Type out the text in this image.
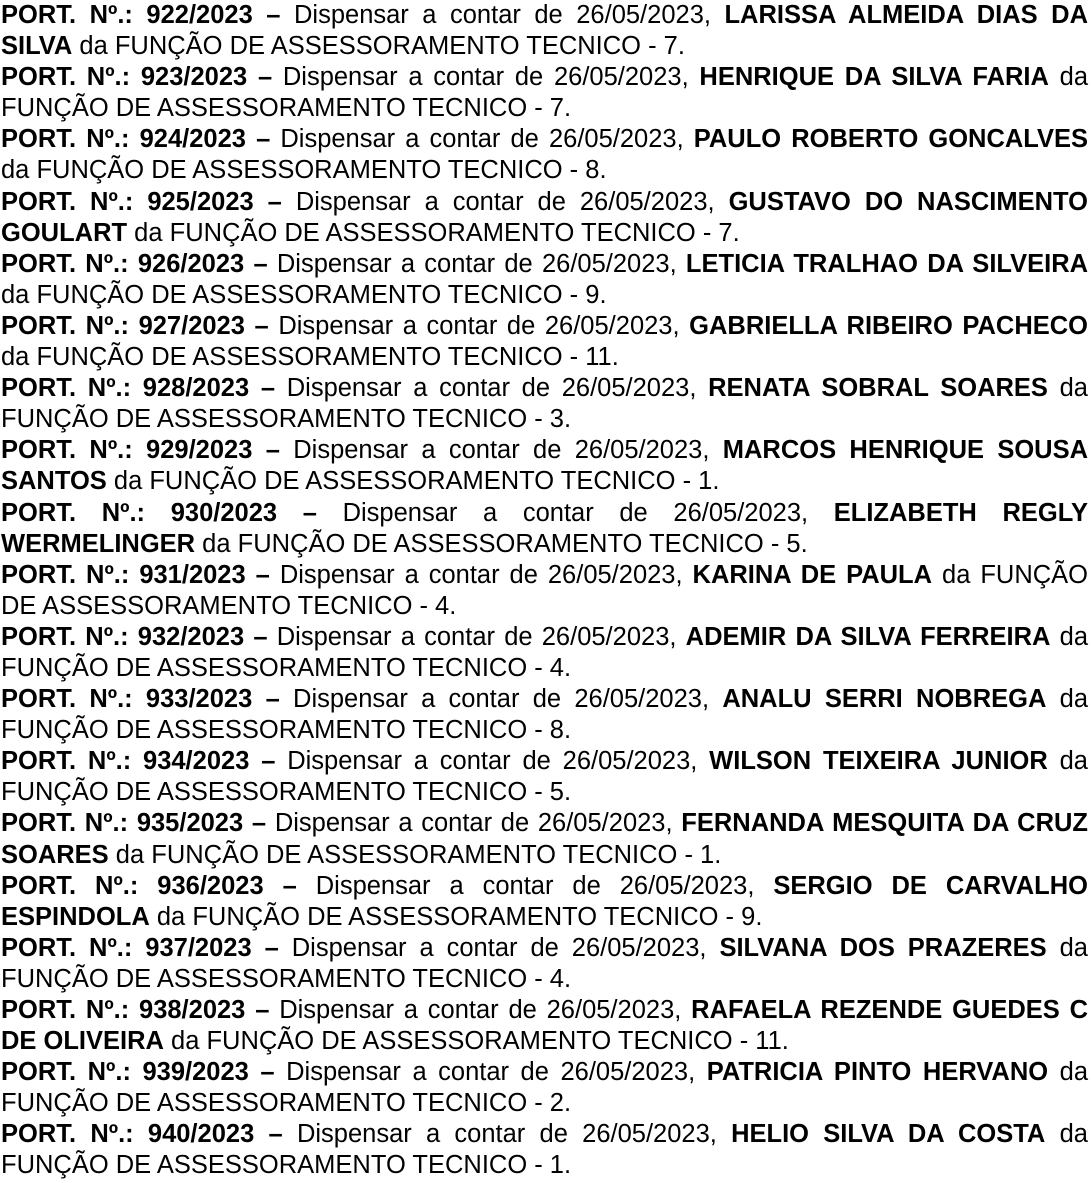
PORT. Nº.: 922/2023 – Dispensar a contar de 26/05/2023, LARISSA ALMEIDA DIAS DA SILVA da FUNÇÃO DE ASSESSORAMENTO TECNICO - 7.

PORT. Nº.: 923/2023 – Dispensar a contar de 26/05/2023, HENRIQUE DA SILVA FARIA da FUNÇÃO DE ASSESSORAMENTO TECNICO - 7.

PORT. Nº.: 924/2023 – Dispensar a contar de 26/05/2023, PAULO ROBERTO GONCALVES da FUNÇÃO DE ASSESSORAMENTO TECNICO - 8.

PORT. Nº.: 925/2023 – Dispensar a contar de 26/05/2023, GUSTAVO DO NASCIMENTO GOULART da FUNÇÃO DE ASSESSORAMENTO TECNICO - 7.

PORT. Nº.: 926/2023 – Dispensar a contar de 26/05/2023, LETICIA TRALHAO DA SILVEIRA da FUNÇÃO DE ASSESSORAMENTO TECNICO - 9.

PORT. Nº.: 927/2023 – Dispensar a contar de 26/05/2023, GABRIELLA RIBEIRO PACHECO da FUNÇÃO DE ASSESSORAMENTO TECNICO - 11.

PORT. Nº.: 928/2023 – Dispensar a contar de 26/05/2023, RENATA SOBRAL SOARES da FUNÇÃO DE ASSESSORAMENTO TECNICO - 3.

PORT. Nº.: 929/2023 – Dispensar a contar de 26/05/2023, MARCOS HENRIQUE SOUSA SANTOS da FUNÇÃO DE ASSESSORAMENTO TECNICO - 1.

PORT. Nº.: 930/2023 – Dispensar a contar de 26/05/2023, ELIZABETH REGLY WERMELINGER da FUNÇÃO DE ASSESSORAMENTO TECNICO - 5.

PORT. Nº.: 931/2023 – Dispensar a contar de 26/05/2023, KARINA DE PAULA da FUNÇÃO DE ASSESSORAMENTO TECNICO - 4.

PORT. Nº.: 932/2023 – Dispensar a contar de 26/05/2023, ADEMIR DA SILVA FERREIRA da FUNÇÃO DE ASSESSORAMENTO TECNICO - 4.

PORT. Nº.: 933/2023 – Dispensar a contar de 26/05/2023, ANALU SERRI NOBREGA da FUNÇÃO DE ASSESSORAMENTO TECNICO - 8.

PORT. Nº.: 934/2023 – Dispensar a contar de 26/05/2023, WILSON TEIXEIRA JUNIOR da FUNÇÃO DE ASSESSORAMENTO TECNICO - 5.

PORT. Nº.: 935/2023 – Dispensar a contar de 26/05/2023, FERNANDA MESQUITA DA CRUZ SOARES da FUNÇÃO DE ASSESSORAMENTO TECNICO - 1.

PORT. Nº.: 936/2023 – Dispensar a contar de 26/05/2023, SERGIO DE CARVALHO ESPINDOLA da FUNÇÃO DE ASSESSORAMENTO TECNICO - 9.

PORT. Nº.: 937/2023 – Dispensar a contar de 26/05/2023, SILVANA DOS PRAZERES da FUNÇÃO DE ASSESSORAMENTO TECNICO - 4.

PORT. Nº.: 938/2023 – Dispensar a contar de 26/05/2023, RAFAELA REZENDE GUEDES C DE OLIVEIRA da FUNÇÃO DE ASSESSORAMENTO TECNICO - 11.

PORT. Nº.: 939/2023 – Dispensar a contar de 26/05/2023, PATRICIA PINTO HERVANO da FUNÇÃO DE ASSESSORAMENTO TECNICO - 2.

PORT. Nº.: 940/2023 – Dispensar a contar de 26/05/2023, HELIO SILVA DA COSTA da FUNÇÃO DE ASSESSORAMENTO TECNICO - 1.
